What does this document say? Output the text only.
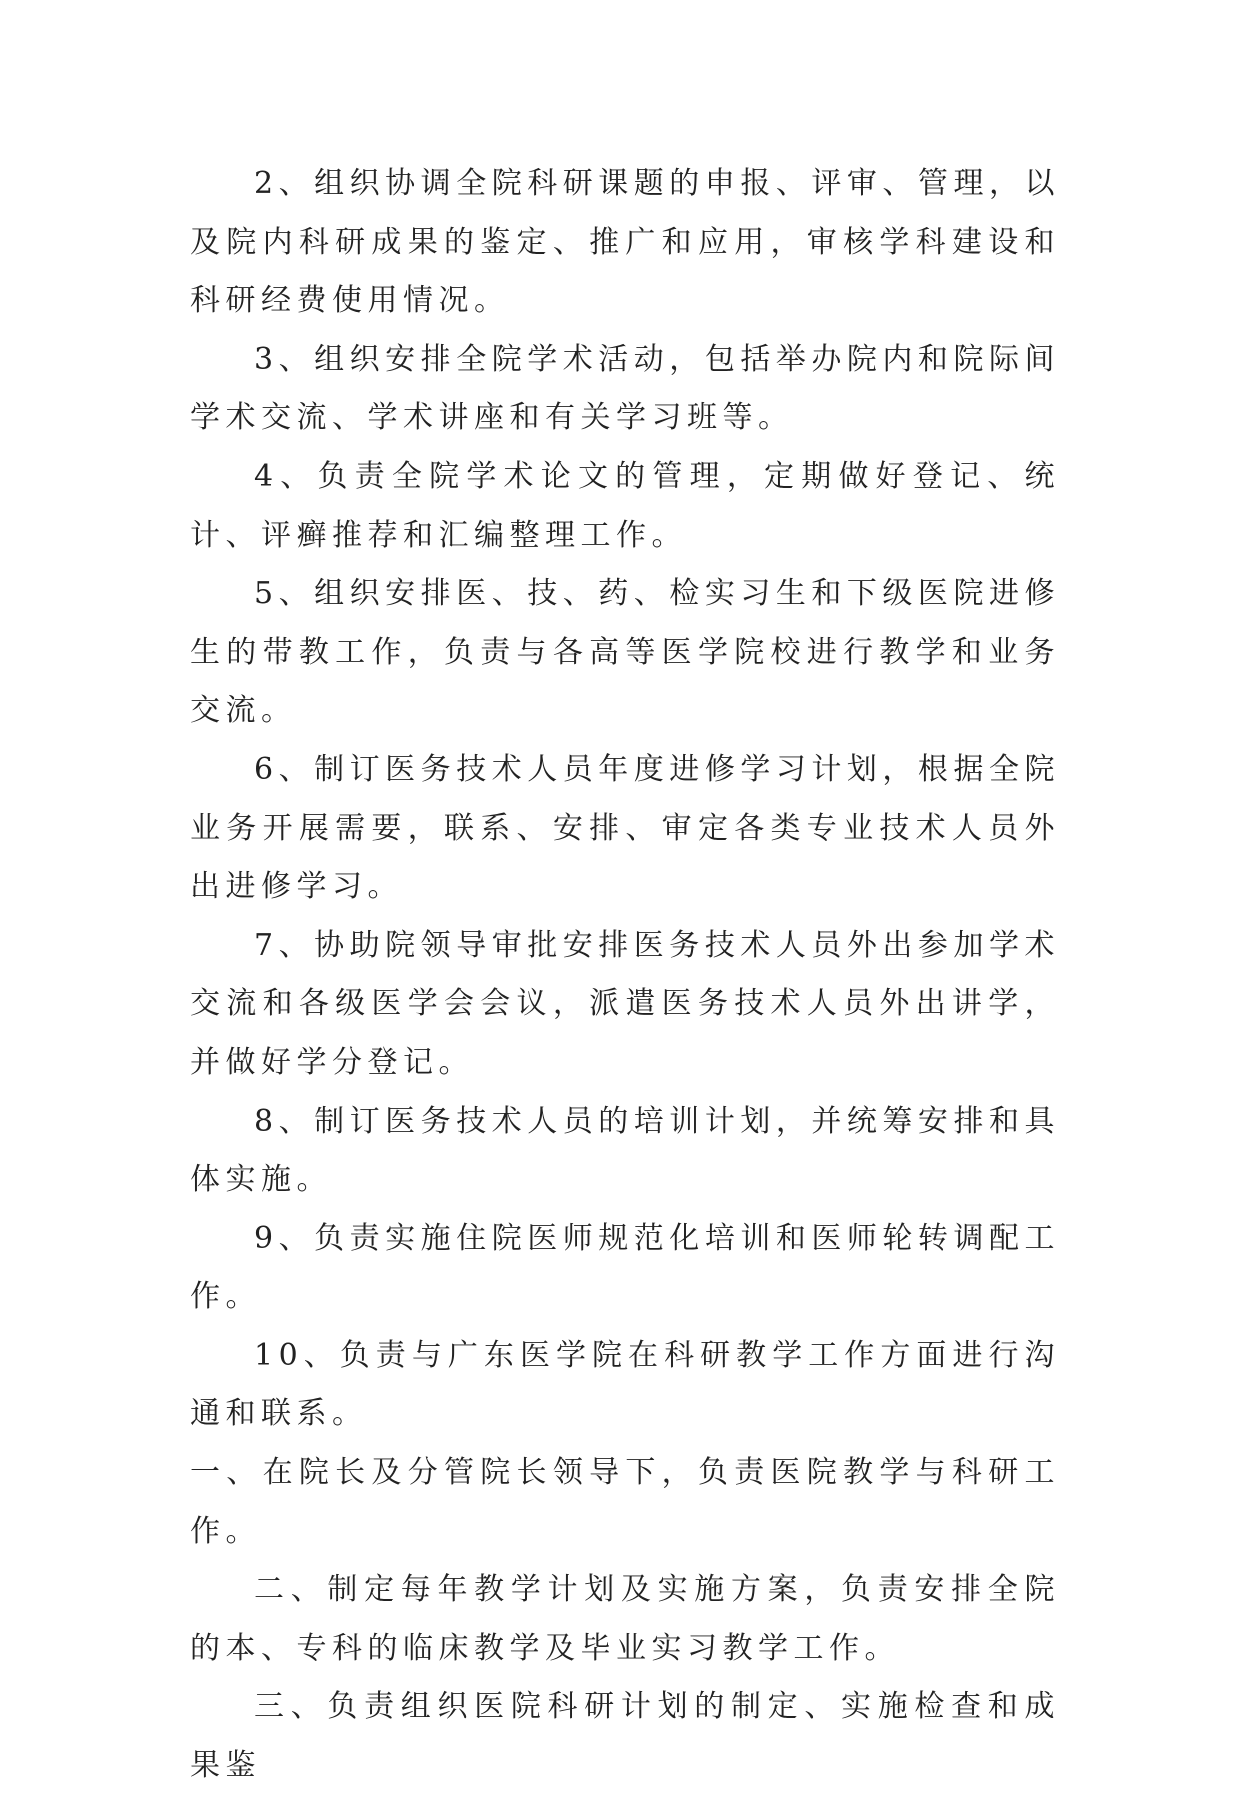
2、组织协调全院科研课题的申报、评审、管理，以及院内科研成果的鉴定、推广和应用，审核学科建设和科研经费使用情况。

3、组织安排全院学术活动，包括举办院内和院际间学术交流、学术讲座和有关学习班等。

4、负责全院学术论文的管理，定期做好登记、统计、评癣推荐和汇编整理工作。

5、组织安排医、技、药、检实习生和下级医院进修生的带教工作，负责与各高等医学院校进行教学和业务交流。

6、制订医务技术人员年度进修学习计划，根据全院业务开展需要，联系、安排、审定各类专业技术人员外出进修学习。

7、协助院领导审批安排医务技术人员外出参加学术交流和各级医学会会议，派遣医务技术人员外出讲学，并做好学分登记。

8、制订医务技术人员的培训计划，并统筹安排和具体实施。

9、负责实施住院医师规范化培训和医师轮转调配工作。

10、负责与广东医学院在科研教学工作方面进行沟通和联系。

一、在院长及分管院长领导下，负责医院教学与科研工作。

二、制定每年教学计划及实施方案，负责安排全院的本、专科的临床教学及毕业实习教学工作。

三、负责组织医院科研计划的制定、实施检查和成果鉴
